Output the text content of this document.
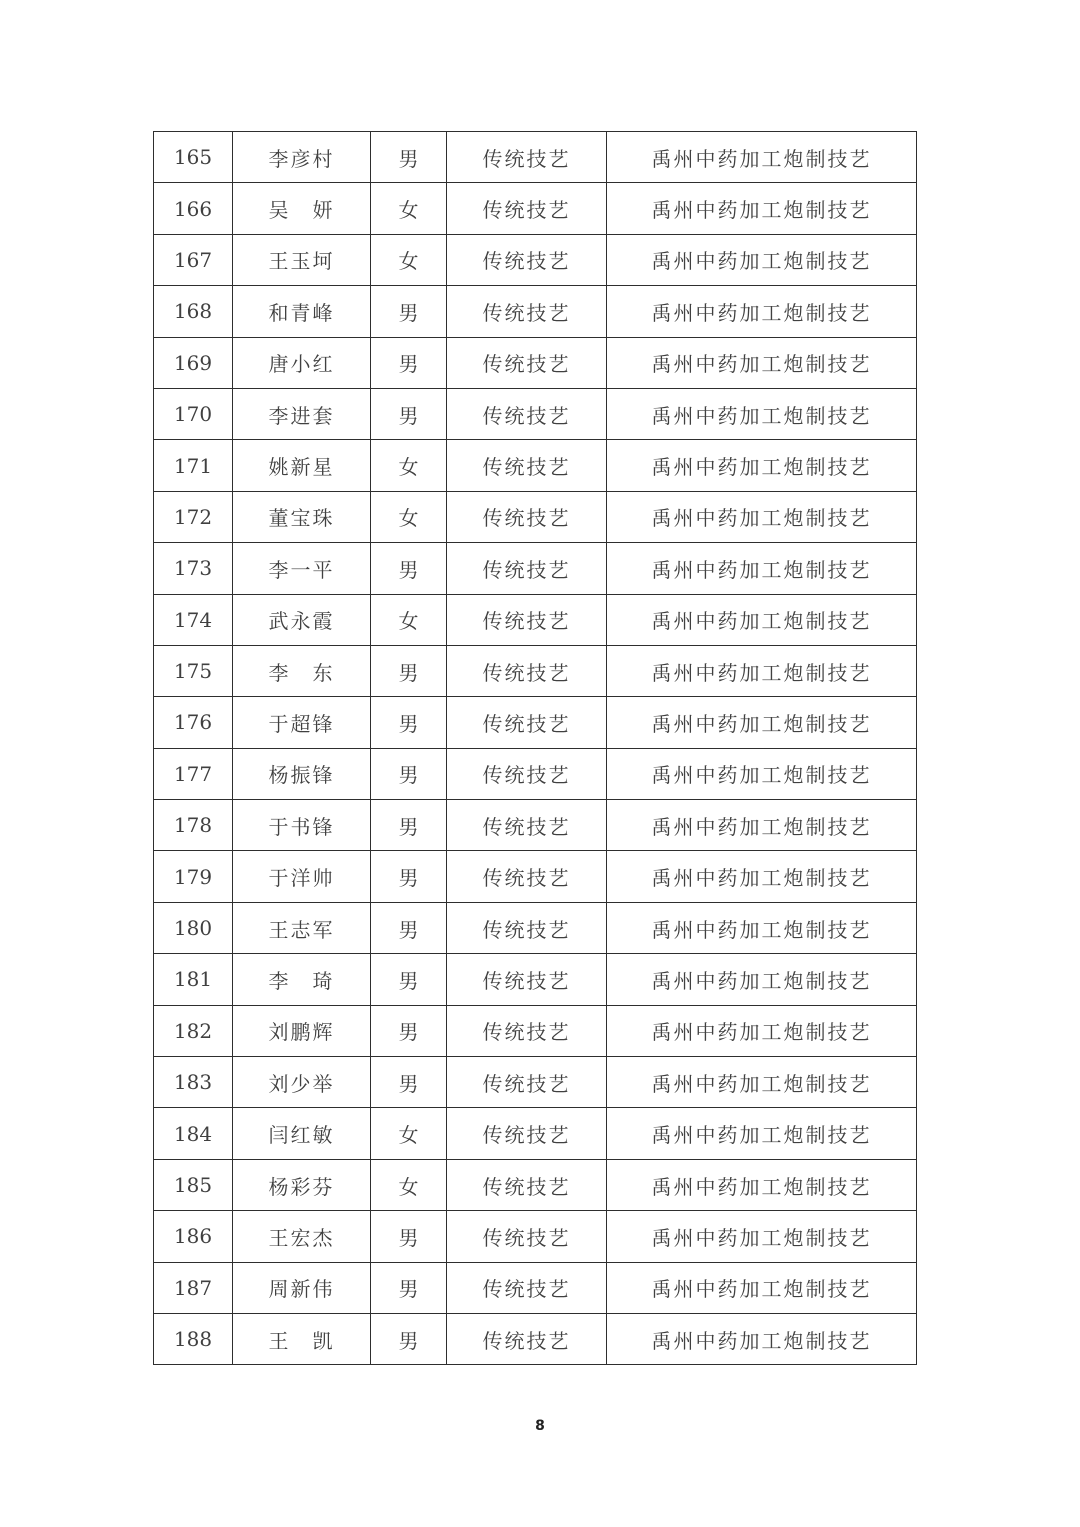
165	李彦村	男	传统技艺	禹州中药加工炮制技艺
166	吴　妍	女	传统技艺	禹州中药加工炮制技艺
167	王玉坷	女	传统技艺	禹州中药加工炮制技艺
168	和青峰	男	传统技艺	禹州中药加工炮制技艺
169	唐小红	男	传统技艺	禹州中药加工炮制技艺
170	李进套	男	传统技艺	禹州中药加工炮制技艺
171	姚新星	女	传统技艺	禹州中药加工炮制技艺
172	董宝珠	女	传统技艺	禹州中药加工炮制技艺
173	李一平	男	传统技艺	禹州中药加工炮制技艺
174	武永霞	女	传统技艺	禹州中药加工炮制技艺
175	李　东	男	传统技艺	禹州中药加工炮制技艺
176	于超锋	男	传统技艺	禹州中药加工炮制技艺
177	杨振锋	男	传统技艺	禹州中药加工炮制技艺
178	于书锋	男	传统技艺	禹州中药加工炮制技艺
179	于洋帅	男	传统技艺	禹州中药加工炮制技艺
180	王志军	男	传统技艺	禹州中药加工炮制技艺
181	李　琦	男	传统技艺	禹州中药加工炮制技艺
182	刘鹏辉	男	传统技艺	禹州中药加工炮制技艺
183	刘少举	男	传统技艺	禹州中药加工炮制技艺
184	闫红敏	女	传统技艺	禹州中药加工炮制技艺
185	杨彩芬	女	传统技艺	禹州中药加工炮制技艺
186	王宏杰	男	传统技艺	禹州中药加工炮制技艺
187	周新伟	男	传统技艺	禹州中药加工炮制技艺
188	王　凯	男	传统技艺	禹州中药加工炮制技艺
8
